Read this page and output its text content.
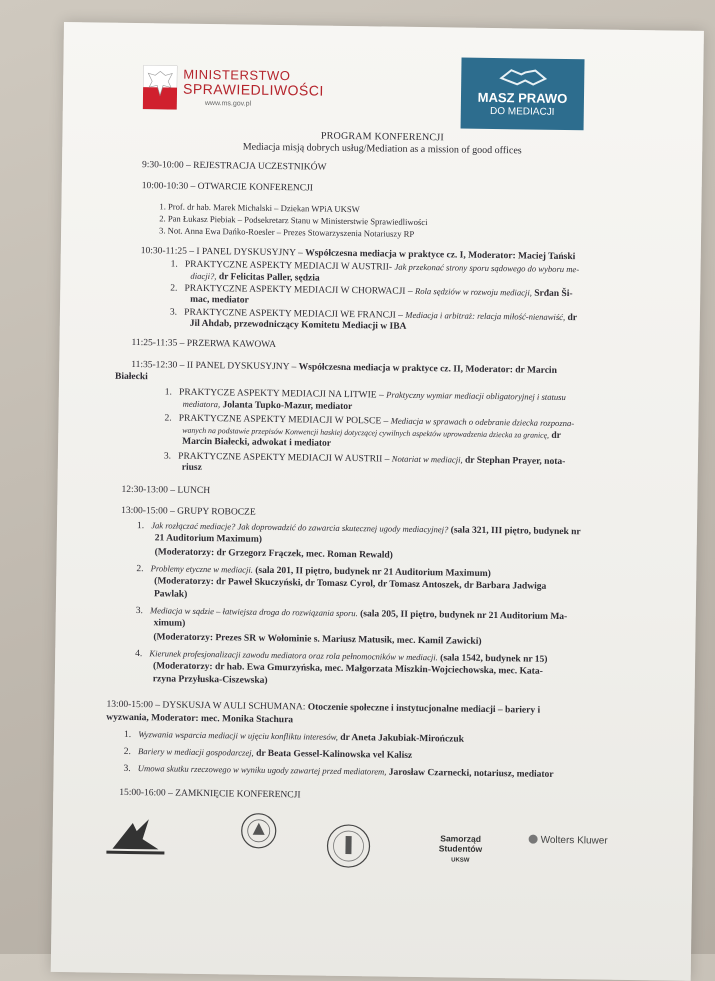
MINISTERSTWO
SPRAWIEDLIWOŚCI
www.ms.gov.pl	MASZ PRAWO
DO MEDIACJI
PROGRAM KONFERENCJI
Mediacja misją dobrych usług/Mediation as a mission of good offices
9:30-10:00 – REJESTRACJA UCZESTNIKÓW
10:00-10:30 – OTWARCIE KONFERENCJI
1. Prof. dr hab. Marek Michalski – Dziekan WPiA UKSW
2. Pan Łukasz Piebiak – Podsekretarz Stanu w Ministerstwie Sprawiedliwości
3. Not. Anna Ewa Dańko-Roesler – Prezes Stowarzyszenia Notariuszy RP
10:30-11:25 – I PANEL DYSKUSYJNY – Współczesna mediacja w praktyce cz. I, Moderator: Maciej Tański
1. PRAKTYCZNE ASPEKTY MEDIACJI W AUSTRII- Jak przekonać strony sporu sądowego do wyboru me-
diacji?, dr Felicitas Paller, sędzia
2. PRAKTYCZNE ASPEKTY MEDIACJI W CHORWACJI – Rola sędziów w rozwoju mediacji, Srđan Ši-
mac, mediator
3. PRAKTYCZNE ASPEKTY MEDIACJI WE FRANCJI – Mediacja i arbitraż: relacja miłość-nienawiść, dr
Jil Ahdab, przewodniczący Komitetu Mediacji w IBA
11:25-11:35 – PRZERWA KAWOWA
11:35-12:30 – II PANEL DYSKUSYJNY – Współczesna mediacja w praktyce cz. II, Moderator: dr Marcin
Białecki
1. PRAKTYCZE ASPEKTY MEDIACJI NA LITWIE – Praktyczny wymiar mediacji obligatoryjnej i statusu
mediatora, Jolanta Tupko-Mazur, mediator
2. PRAKTYCZNE ASPEKTY MEDIACJI W POLSCE – Mediacja w sprawach o odebranie dziecka rozpozna-
wanych na podstawie przepisów Konwencji haskiej dotyczącej cywilnych aspektów uprowadzenia dziecka za granicę, dr
Marcin Białecki, adwokat i mediator
3. PRAKTYCZNE ASPEKTY MEDIACJI W AUSTRII – Notariat w mediacji, dr Stephan Prayer, nota-
riusz
12:30-13:00 – LUNCH
13:00-15:00 – GRUPY ROBOCZE
1. Jak rozłączać mediacje? Jak doprowadzić do zawarcia skutecznej ugody mediacyjnej? (sala 321, III piętro, budynek nr
21 Auditorium Maximum)
(Moderatorzy: dr Grzegorz Frączek, mec. Roman Rewald)
2. Problemy etyczne w mediacji. (sala 201, II piętro, budynek nr 21 Auditorium Maximum)
(Moderatorzy: dr Paweł Skuczyński, dr Tomasz Cyrol, dr Tomasz Antoszek, dr Barbara Jadwiga
Pawlak)
3. Mediacja w sądzie – łatwiejsza droga do rozwiązania sporu. (sala 205, II piętro, budynek nr 21 Auditorium Ma-
ximum)
(Moderatorzy: Prezes SR w Wołominie s. Mariusz Matusik, mec. Kamil Zawicki)
4. Kierunek profesjonalizacji zawodu mediatora oraz rola pełnomocników w mediacji. (sala 1542, budynek nr 15)
(Moderatorzy: dr hab. Ewa Gmurzyńska, mec. Małgorzata Miszkin-Wojciechowska, mec. Kata-
rzyna Przyłuska-Ciszewska)
13:00-15:00 – DYSKUSJA W AULI SCHUMANA: Otoczenie społeczne i instytucjonalne mediacji – bariery i
wyzwania, Moderator: mec. Monika Stachura
1. Wyzwania wsparcia mediacji w ujęciu konfliktu interesów, dr Aneta Jakubiak-Mirończuk
2. Bariery w mediacji gospodarczej, dr Beata Gessel-Kalinowska vel Kalisz
3. Umowa skutku rzeczowego w wyniku ugody zawartej przed mediatorem, Jarosław Czarnecki, notariusz, mediator
15:00-16:00 – ZAMKNIĘCIE KONFERENCJI
Samorząd Studentów
UKSW
Wolters Kluwer
